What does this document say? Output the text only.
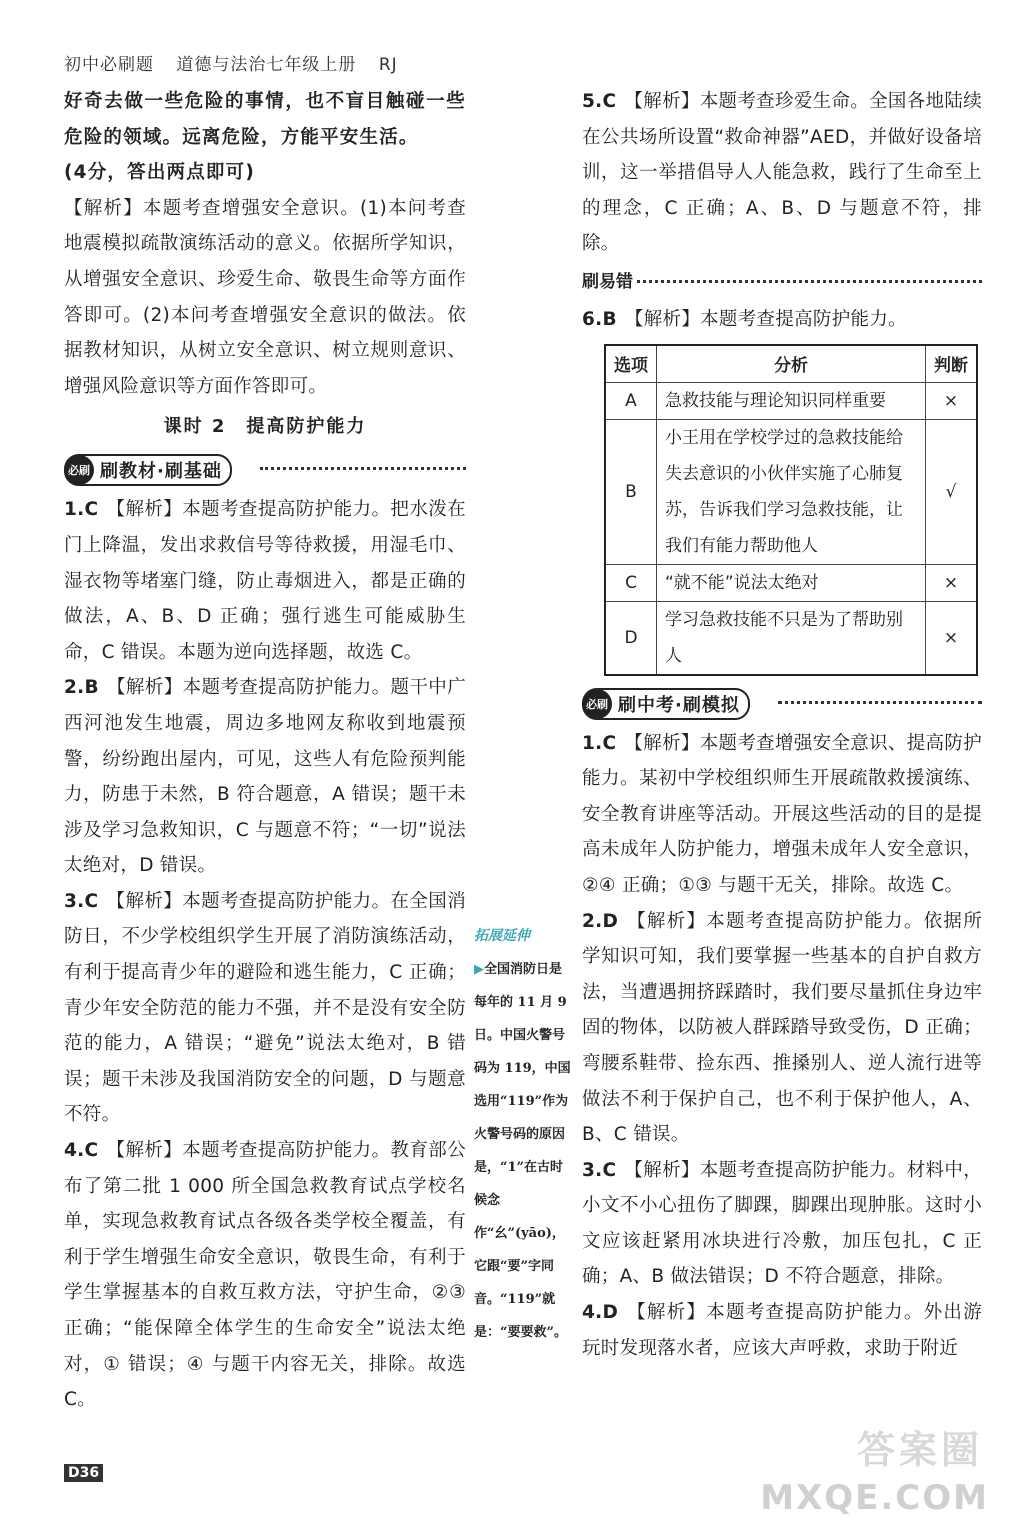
初中必刷题 道德与法治七年级上册 RJ

好奇去做一些危险的事情，也不盲目触碰一些危险的领域。远离危险，方能平安生活。

(4分，答出两点即可)

【解析】本题考查增强安全意识。(1)本问考查地震模拟疏散演练活动的意义。依据所学知识，从增强安全意识、珍爱生命、敬畏生命等方面作答即可。(2)本问考查增强安全意识的做法。依据教材知识，从树立安全意识、树立规则意识、增强风险意识等方面作答即可。

课时 2　提高防护能力
必刷 刷教材·刷基础

1.C 【解析】本题考查提高防护能力。把水泼在门上降温，发出求救信号等待救援，用湿毛巾、湿衣物等堵塞门缝，防止毒烟进入，都是正确的做法，A、B、D 正确；强行逃生可能威胁生命，C 错误。本题为逆向选择题，故选 C。

2.B 【解析】本题考查提高防护能力。题干中广西河池发生地震，周边多地网友称收到地震预警，纷纷跑出屋内，可见，这些人有危险预判能力，防患于未然，B 符合题意，A 错误；题干未涉及学习急救知识，C 与题意不符；“一切”说法太绝对，D 错误。

3.C 【解析】本题考查提高防护能力。在全国消防日，不少学校组织学生开展了消防演练活动，有利于提高青少年的避险和逃生能力，C 正确；青少年安全防范的能力不强，并不是没有安全防范的能力，A 错误；“避免”说法太绝对，B 错误；题干未涉及我国消防安全的问题，D 与题意不符。

4.C 【解析】本题考查提高防护能力。教育部公布了第二批 1 000 所全国急救教育试点学校名单，实现急救教育试点各级各类学校全覆盖，有利于学生增强生命安全意识，敬畏生命，有利于学生掌握基本的自救互救方法，守护生命，②③ 正确；“能保障全体学生的生命安全”说法太绝对，① 错误；④ 与题干内容无关，排除。故选 C。

拓展延伸
▶全国消防日是每年的 11 月 9 日。中国火警号码为 119，中国选用“119”作为火警号码的原因是，“1”在古时候念作“幺”(yāo)，它跟“要”字同音。“119”就是：“要要救”。

5.C 【解析】本题考查珍爱生命。全国各地陆续在公共场所设置“救命神器”AED，并做好设备培训，这一举措倡导人人能急救，践行了生命至上的理念，C 正确；A、B、D 与题意不符，排除。

刷易错

6.B 【解析】本题考查提高防护能力。

选项	分析	判断
A	急救技能与理论知识同样重要	×
B	小王用在学校学过的急救技能给失去意识的小伙伴实施了心肺复苏，告诉我们学习急救技能，让我们有能力帮助他人	√
C	“就不能”说法太绝对	×
D	学习急救技能不只是为了帮助别人	×
必刷 刷中考·刷模拟

1.C 【解析】本题考查增强安全意识、提高防护能力。某初中学校组织师生开展疏散救援演练、安全教育讲座等活动。开展这些活动的目的是提高未成年人防护能力，增强未成年人安全意识，②④ 正确；①③ 与题干无关，排除。故选 C。

2.D 【解析】本题考查提高防护能力。依据所学知识可知，我们要掌握一些基本的自护自救方法，当遭遇拥挤踩踏时，我们要尽量抓住身边牢固的物体，以防被人群踩踏导致受伤，D 正确；弯腰系鞋带、捡东西、推搡别人、逆人流行进等做法不利于保护自己，也不利于保护他人，A、B、C 错误。

3.C 【解析】本题考查提高防护能力。材料中，小文不小心扭伤了脚踝，脚踝出现肿胀。这时小文应该赶紧用冰块进行冷敷，加压包扎，C 正确；A、B 做法错误；D 不符合题意，排除。

4.D 【解析】本题考查提高防护能力。外出游玩时发现落水者，应该大声呼救，求助于附近

D36
答案圈
MXQE.COM
